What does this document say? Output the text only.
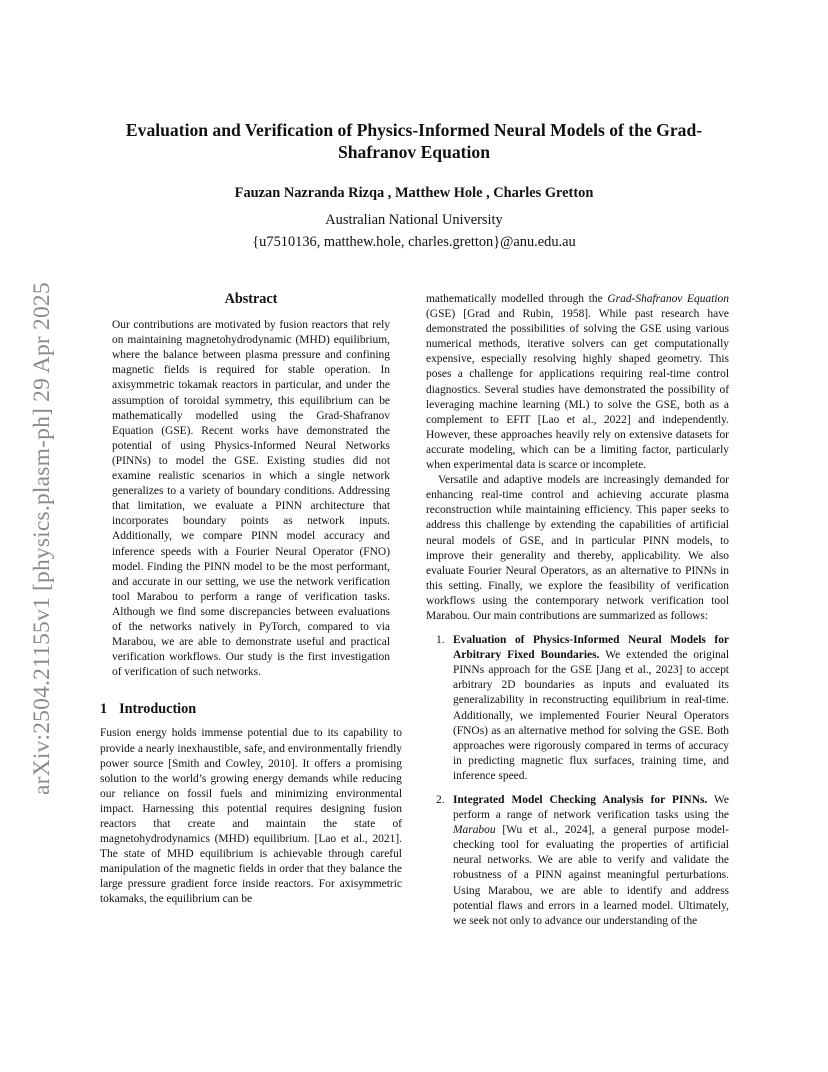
arXiv:2504.21155v1 [physics.plasm-ph] 29 Apr 2025
Evaluation and Verification of Physics-Informed Neural Models of the Grad-Shafranov Equation
Fauzan Nazranda Rizqa , Matthew Hole , Charles Gretton
Australian National University
{u7510136, matthew.hole, charles.gretton}@anu.edu.au
Abstract

Our contributions are motivated by fusion reactors that rely on maintaining magnetohydrodynamic (MHD) equilibrium, where the balance between plasma pressure and confining magnetic fields is required for stable operation. In axisymmetric tokamak reactors in particular, and under the assumption of toroidal symmetry, this equilibrium can be mathematically modelled using the Grad-Shafranov Equation (GSE). Recent works have demonstrated the potential of using Physics-Informed Neural Networks (PINNs) to model the GSE. Existing studies did not examine realistic scenarios in which a single network generalizes to a variety of boundary conditions. Addressing that limitation, we evaluate a PINN architecture that incorporates boundary points as network inputs. Additionally, we compare PINN model accuracy and inference speeds with a Fourier Neural Operator (FNO) model. Finding the PINN model to be the most performant, and accurate in our setting, we use the network verification tool Marabou to perform a range of verification tasks. Although we find some discrepancies between evaluations of the networks natively in PyTorch, compared to via Marabou, we are able to demonstrate useful and practical verification workflows. Our study is the first investigation of verification of such networks.

1 Introduction

Fusion energy holds immense potential due to its capability to provide a nearly inexhaustible, safe, and environmentally friendly power source [Smith and Cowley, 2010]. It offers a promising solution to the world’s growing energy demands while reducing our reliance on fossil fuels and minimizing environmental impact. Harnessing this potential requires designing fusion reactors that create and maintain the state of magnetohydrodynamics (MHD) equilibrium. [Lao et al., 2021]. The state of MHD equilibrium is achievable through careful manipulation of the magnetic fields in order that they balance the large pressure gradient force inside reactors. For axisymmetric tokamaks, the equilibrium can be

mathematically modelled through the Grad-Shafranov Equation (GSE) [Grad and Rubin, 1958]. While past research have demonstrated the possibilities of solving the GSE using various numerical methods, iterative solvers can get computationally expensive, especially resolving highly shaped geometry. This poses a challenge for applications requiring real-time control diagnostics. Several studies have demonstrated the possibility of leveraging machine learning (ML) to solve the GSE, both as a complement to EFIT [Lao et al., 2022] and independently. However, these approaches heavily rely on extensive datasets for accurate modeling, which can be a limiting factor, particularly when experimental data is scarce or incomplete.

Versatile and adaptive models are increasingly demanded for enhancing real-time control and achieving accurate plasma reconstruction while maintaining efficiency. This paper seeks to address this challenge by extending the capabilities of artificial neural models of GSE, and in particular PINN models, to improve their generality and thereby, applicability. We also evaluate Fourier Neural Operators, as an alternative to PINNs in this setting. Finally, we explore the feasibility of verification workflows using the contemporary network verification tool Marabou. Our main contributions are summarized as follows:

1. Evaluation of Physics-Informed Neural Models for Arbitrary Fixed Boundaries. We extended the original PINNs approach for the GSE [Jang et al., 2023] to accept arbitrary 2D boundaries as inputs and evaluated its generalizability in reconstructing equilibrium in real-time. Additionally, we implemented Fourier Neural Operators (FNOs) as an alternative method for solving the GSE. Both approaches were rigorously compared in terms of accuracy in predicting magnetic flux surfaces, training time, and inference speed.
2. Integrated Model Checking Analysis for PINNs. We perform a range of network verification tasks using the Marabou [Wu et al., 2024], a general purpose model-checking tool for evaluating the properties of artificial neural networks. We are able to verify and validate the robustness of a PINN against meaningful perturbations. Using Marabou, we are able to identify and address potential flaws and errors in a learned model. Ultimately, we seek not only to advance our understanding of the
